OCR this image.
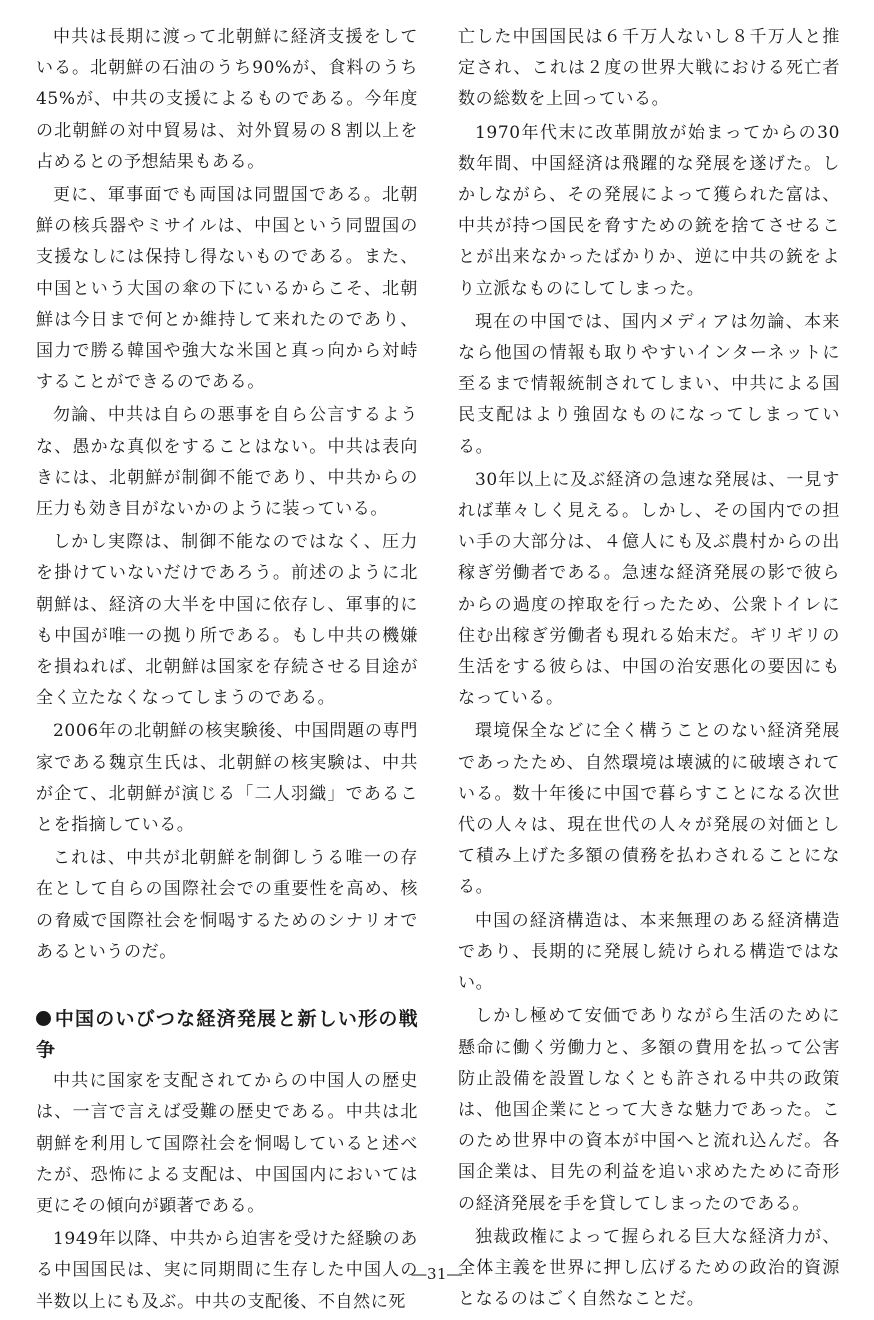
中共は長期に渡って北朝鮮に経済支援をしている。北朝鮮の石油のうち90%が、食料のうち45%が、中共の支援によるものである。今年度の北朝鮮の対中貿易は、対外貿易の８割以上を占めるとの予想結果もある。

更に、軍事面でも両国は同盟国である。北朝鮮の核兵器やミサイルは、中国という同盟国の支援なしには保持し得ないものである。また、中国という大国の傘の下にいるからこそ、北朝鮮は今日まで何とか維持して来れたのであり、国力で勝る韓国や強大な米国と真っ向から対峙することができるのである。

勿論、中共は自らの悪事を自ら公言するような、愚かな真似をすることはない。中共は表向きには、北朝鮮が制御不能であり、中共からの圧力も効き目がないかのように装っている。

しかし実際は、制御不能なのではなく、圧力を掛けていないだけであろう。前述のように北朝鮮は、経済の大半を中国に依存し、軍事的にも中国が唯一の拠り所である。もし中共の機嫌を損ねれば、北朝鮮は国家を存続させる目途が全く立たなくなってしまうのである。

2006年の北朝鮮の核実験後、中国問題の専門家である魏京生氏は、北朝鮮の核実験は、中共が企て、北朝鮮が演じる「二人羽織」であることを指摘している。

これは、中共が北朝鮮を制御しうる唯一の存在として自らの国際社会での重要性を高め、核の脅威で国際社会を恫喝するためのシナリオであるというのだ。

中国のいびつな経済発展と新しい形の戦争

中共に国家を支配されてからの中国人の歴史は、一言で言えば受難の歴史である。中共は北朝鮮を利用して国際社会を恫喝していると述べたが、恐怖による支配は、中国国内においては更にその傾向が顕著である。

1949年以降、中共から迫害を受けた経験のある中国国民は、実に同期間に生存した中国人の半数以上にも及ぶ。中共の支配後、不自然に死

亡した中国国民は６千万人ないし８千万人と推定され、これは２度の世界大戦における死亡者数の総数を上回っている。

1970年代末に改革開放が始まってからの30数年間、中国経済は飛躍的な発展を遂げた。しかしながら、その発展によって獲られた富は、中共が持つ国民を脅すための銃を捨てさせることが出来なかったばかりか、逆に中共の銃をより立派なものにしてしまった。

現在の中国では、国内メディアは勿論、本来なら他国の情報も取りやすいインターネットに至るまで情報統制されてしまい、中共による国民支配はより強固なものになってしまっている。

30年以上に及ぶ経済の急速な発展は、一見すれば華々しく見える。しかし、その国内での担い手の大部分は、４億人にも及ぶ農村からの出稼ぎ労働者である。急速な経済発展の影で彼らからの過度の搾取を行ったため、公衆トイレに住む出稼ぎ労働者も現れる始末だ。ギリギリの生活をする彼らは、中国の治安悪化の要因にもなっている。

環境保全などに全く構うことのない経済発展であったため、自然環境は壊滅的に破壊されている。数十年後に中国で暮らすことになる次世代の人々は、現在世代の人々が発展の対価として積み上げた多額の債務を払わされることになる。

中国の経済構造は、本来無理のある経済構造であり、長期的に発展し続けられる構造ではない。

しかし極めて安価でありながら生活のために懸命に働く労働力と、多額の費用を払って公害防止設備を設置しなくとも許される中共の政策は、他国企業にとって大きな魅力であった。このため世界中の資本が中国へと流れ込んだ。各国企業は、目先の利益を追い求めたために奇形の経済発展を手を貸してしまったのである。

独裁政権によって握られる巨大な経済力が、全体主義を世界に押し広げるための政治的資源となるのはごく自然なことだ。

―31―
